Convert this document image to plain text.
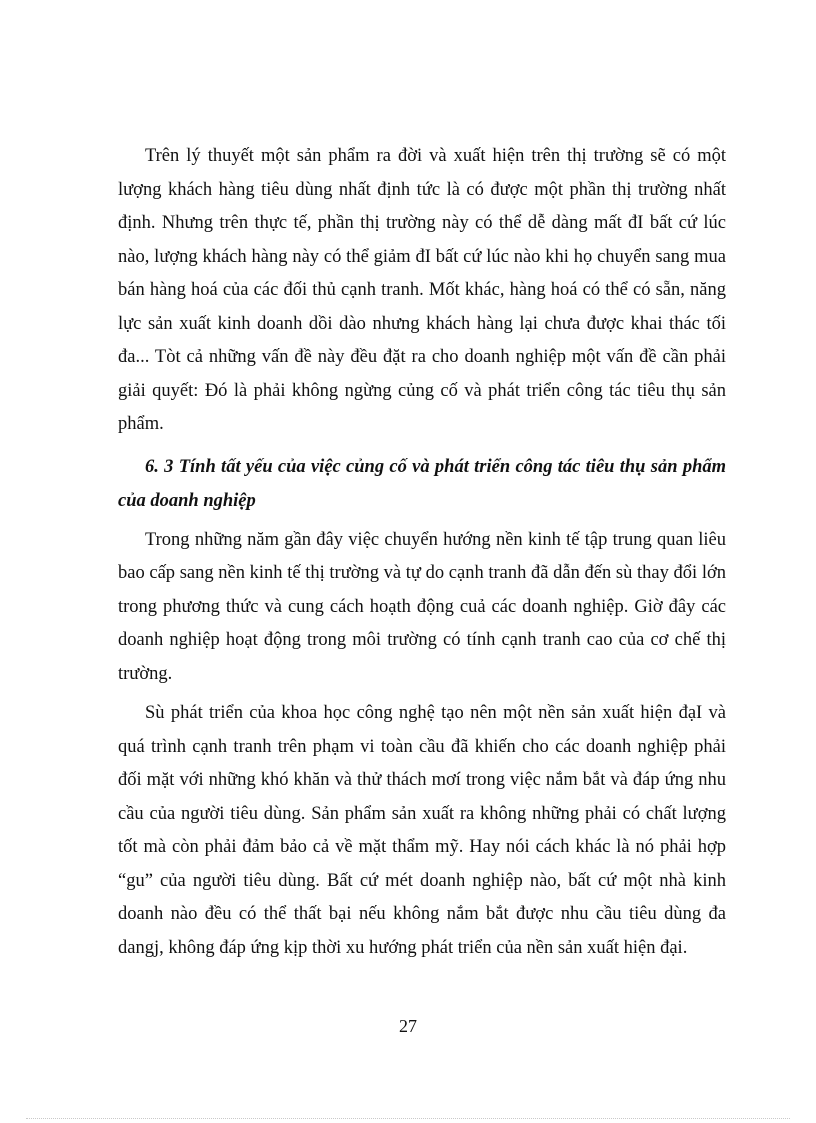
Trên lý thuyết một sản phẩm ra đời và xuất hiện trên thị trường sẽ có một lượng khách hàng tiêu dùng nhất định tức là có được một phần thị trường nhất định. Nhưng trên thực tế, phần thị trường này có thể dễ dàng mất đI bất cứ lúc nào, lượng khách hàng này có thể giảm đI bất cứ lúc nào khi họ chuyển sang mua bán hàng hoá của các đối thủ cạnh tranh. Mốt khác, hàng hoá có thể có sẵn, năng lực sản xuất kinh doanh dồi dào nhưng khách hàng lại chưa được khai thác tối đa... Tòt cả những vấn đề này đều đặt ra cho doanh nghiệp một vấn đề cần phải giải quyết: Đó là phải không ngừng củng cố và phát triển công tác tiêu thụ sản phẩm.

6. 3 Tính tất yếu của việc củng cố và phát triển công tác tiêu thụ sản phẩm của doanh nghiệp

Trong những năm gần đây việc chuyển hướng nền kinh tế tập trung quan liêu bao cấp sang nền kinh tế thị trường và tự do cạnh tranh đã dẫn đến sù thay đổi lớn trong phương thức và cung cách hoạth động cuả các doanh nghiệp. Giờ đây các doanh nghiệp hoạt động trong môi trường có tính cạnh tranh cao của cơ chế thị trường.

Sù phát triển của khoa học công nghệ tạo nên một nền sản xuất hiện đạI và quá trình cạnh tranh trên phạm vi toàn cầu đã khiến cho các doanh nghiệp phải đối mặt với những khó khăn và thử thách mơí trong việc nắm bắt và đáp ứng nhu cầu của người tiêu dùng. Sản phẩm sản xuất ra không những phải có chất lượng tốt mà còn phải đảm bảo cả về mặt thẩm mỹ. Hay nói cách khác là nó phải hợp “gu” của người tiêu dùng. Bất cứ mét doanh nghiệp nào, bất cứ một nhà kinh doanh nào đều có thể thất bại nếu không nắm bắt được nhu cầu tiêu dùng đa dangj, không đáp ứng kịp thời xu hướng phát triển của nền sản xuất hiện đại.

27
